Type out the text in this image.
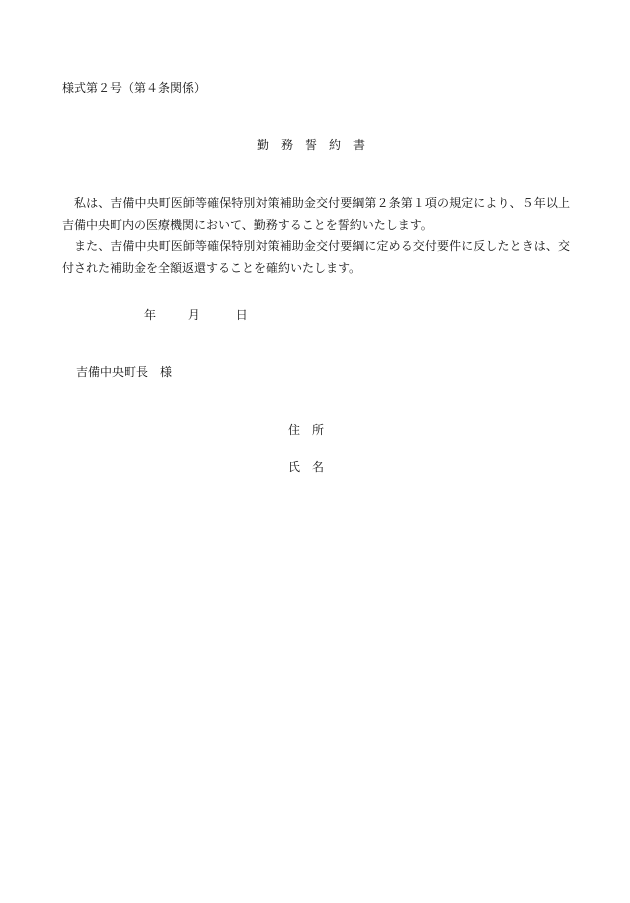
様式第２号（第４条関係）
勤務誓約書

私は、吉備中央町医師等確保特別対策補助金交付要綱第２条第１項の規定により、５年以上吉備中央町内の医療機関において、勤務することを誓約いたします。

また、吉備中央町医師等確保特別対策補助金交付要綱に定める交付要件に反したときは、交付された補助金を全額返還することを確約いたします。

年	月	日
吉備中央町長　様
住所
氏名
